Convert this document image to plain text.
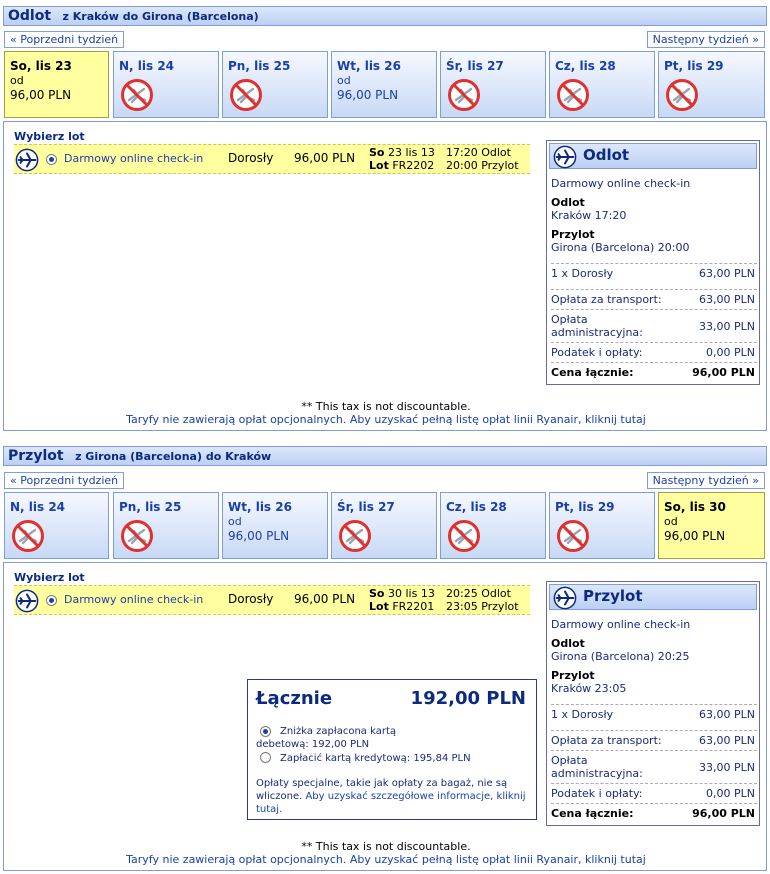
Odlot z Kraków do Girona (Barcelona)
« Poprzedni tydzień	Następny tydzień »
So, lis 23
od
96,00 PLN
N, lis 24	Pn, lis 25	Wt, lis 26
od
96,00 PLN
Śr, lis 27	Cz, lis 28	Pt, lis 29
Wybierz lot
Darmowy online check-in Dorosły 96,00 PLN So 23 lis 13
Lot FR2202
17:20 Odlot
20:00 Przylot
Odlot
Darmowy online check-in
Odlot
Kraków 17:20
Przylot
Girona (Barcelona) 20:00
1 x Dorosły	63,00 PLN
Opłata za transport:	63,00 PLN
Opłata
administracyjna:	33,00 PLN
Podatek i opłaty:	0,00 PLN
Cena łącznie:	96,00 PLN
** This tax is not discountable.
Taryfy nie zawierają opłat opcjonalnych. Aby uzyskać pełną listę opłat linii Ryanair, kliknij tutaj
Przylot z Girona (Barcelona) do Kraków
« Poprzedni tydzień	Następny tydzień »
N, lis 24	Pn, lis 25	Wt, lis 26
od
96,00 PLN
Śr, lis 27	Cz, lis 28	Pt, lis 29	So, lis 30
od
96,00 PLN
Wybierz lot
Darmowy online check-in Dorosły 96,00 PLN So 30 lis 13
Lot FR2201
20:25 Odlot
23:05 Przylot
Przylot
Darmowy online check-in
Odlot
Girona (Barcelona) 20:25
Przylot
Kraków 23:05
1 x Dorosły	63,00 PLN
Opłata za transport:	63,00 PLN
Opłata
administracyjna:	33,00 PLN
Podatek i opłaty:	0,00 PLN
Cena łącznie:	96,00 PLN
** This tax is not discountable.
Taryfy nie zawierają opłat opcjonalnych. Aby uzyskać pełną listę opłat linii Ryanair, kliknij tutaj
Łącznie	192,00 PLN
Zniżka zapłacona kartą
debetową: 192,00 PLN
Zapłacić kartą kredytową: 195,84 PLN
Opłaty specjalne, takie jak opłaty za bagaż, nie są wliczone. Aby uzyskać szczegółowe informacje, kliknij tutaj.
